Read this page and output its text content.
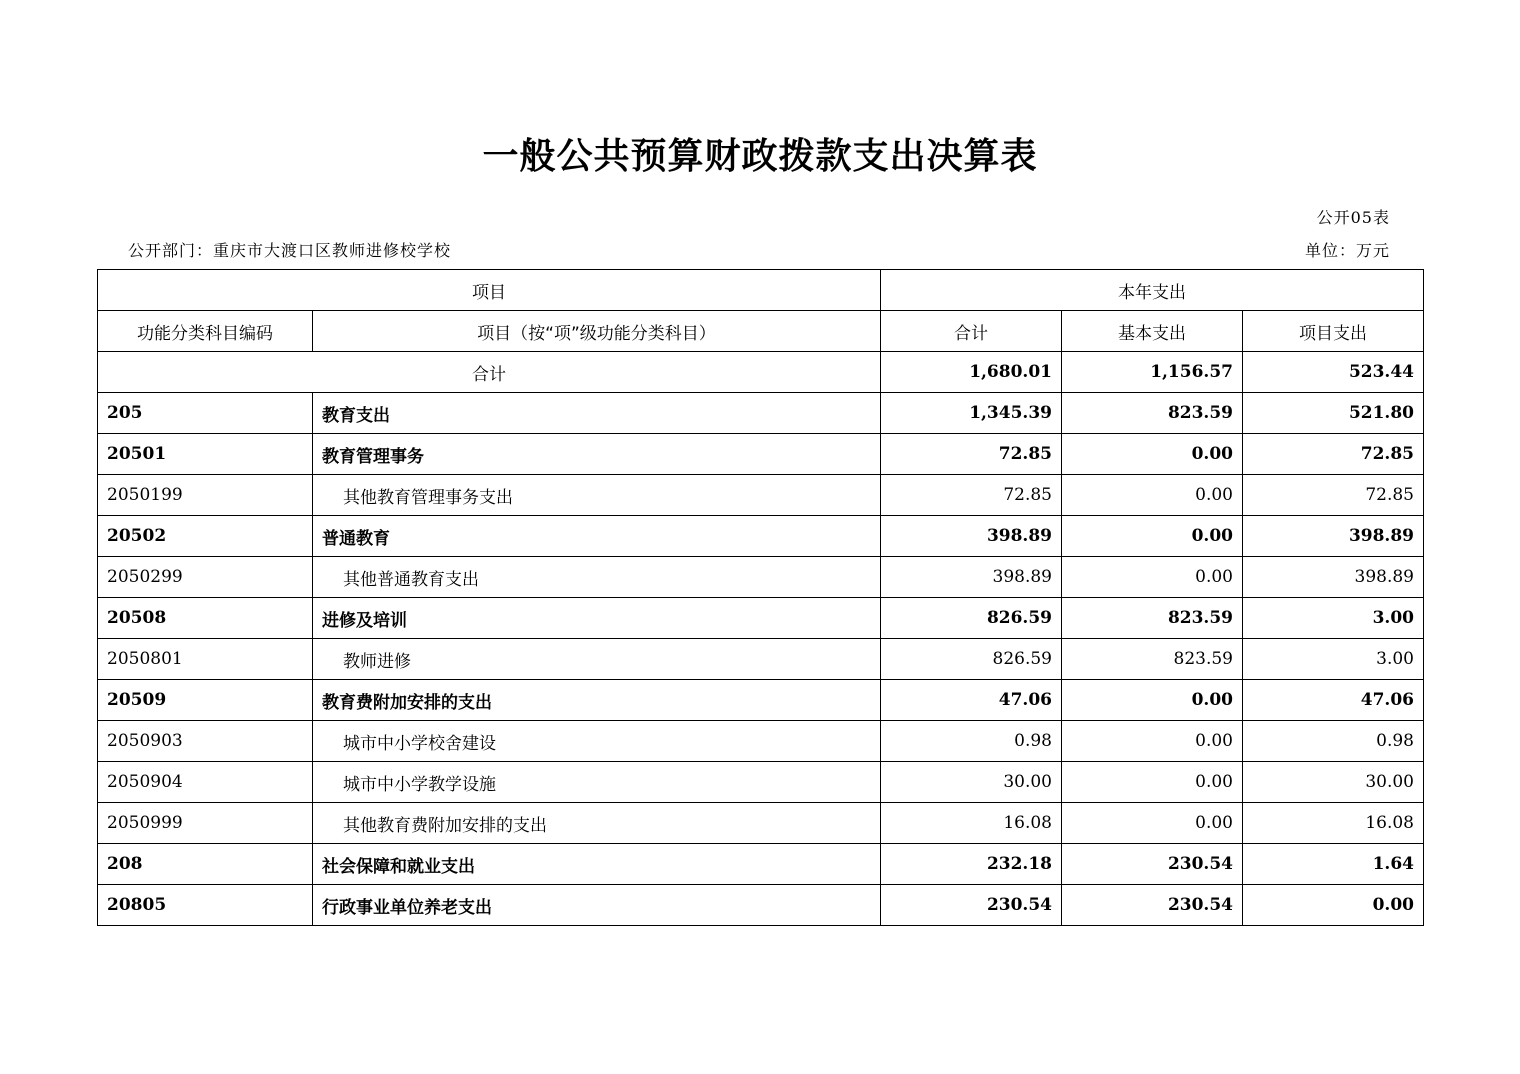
一般公共预算财政拨款支出决算表
公开05表
公开部门：重庆市大渡口区教师进修校学校	单位：万元
项目		本年支出		
功能分类科目编码	项目（按“项”级功能分类科目）	合计	基本支出	项目支出
合计		1,680.01	1,156.57	523.44
205	教育支出	1,345.39	823.59	521.80
20501	教育管理事务	72.85	0.00	72.85
2050199	其他教育管理事务支出	72.85	0.00	72.85
20502	普通教育	398.89	0.00	398.89
2050299	其他普通教育支出	398.89	0.00	398.89
20508	进修及培训	826.59	823.59	3.00
2050801	教师进修	826.59	823.59	3.00
20509	教育费附加安排的支出	47.06	0.00	47.06
2050903	城市中小学校舍建设	0.98	0.00	0.98
2050904	城市中小学教学设施	30.00	0.00	30.00
2050999	其他教育费附加安排的支出	16.08	0.00	16.08
208	社会保障和就业支出	232.18	230.54	1.64
20805	行政事业单位养老支出	230.54	230.54	0.00
